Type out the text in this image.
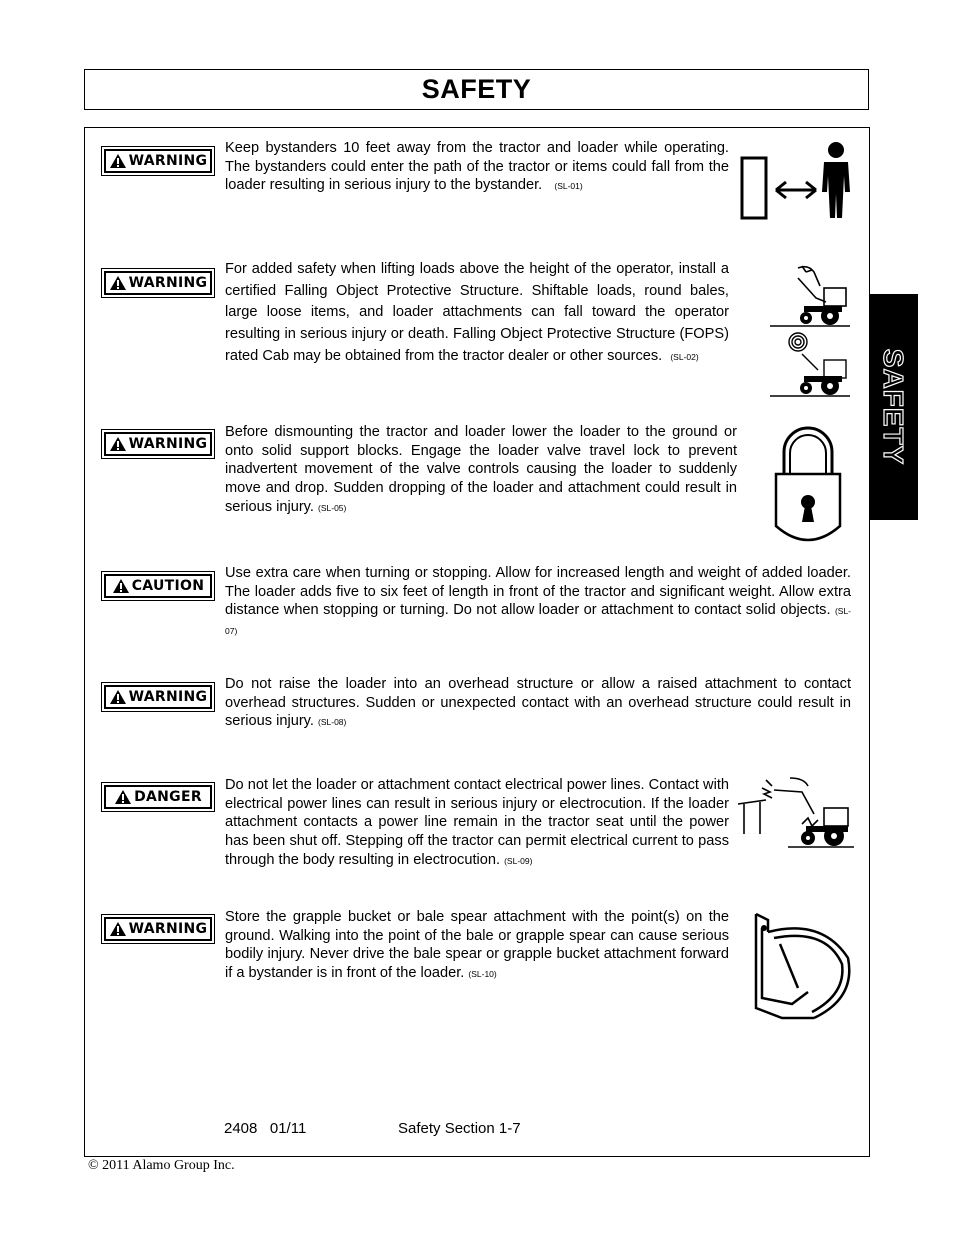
SAFETY
SAFETY
WARNING

Keep bystanders 10 feet away from the tractor and loader while operating. The bystanders could enter the path of the tractor or items could fall from the loader resulting in serious injury to the bystander. (SL-01)

WARNING

For added safety when lifting loads above the height of the operator, install a certified Falling Object Protective Structure. Shiftable loads, round bales, large loose items, and loader attachments can fall toward the operator resulting in serious injury or death. Falling Object Protective Structure (FOPS) rated Cab may be obtained from the tractor dealer or other sources. (SL-02)

WARNING

Before dismounting the tractor and loader lower the loader to the ground or onto solid support blocks. Engage the loader valve travel lock to prevent inadvertent movement of the valve controls causing the loader to suddenly move and drop. Sudden dropping of the loader and attachment could result in serious injury. (SL-05)

CAUTION

Use extra care when turning or stopping. Allow for increased length and weight of added loader. The loader adds five to six feet of length in front of the tractor and significant weight. Allow extra distance when stopping or turning. Do not allow loader or attachment to contact solid objects. (SL-07)

WARNING

Do not raise the loader into an overhead structure or allow a raised attachment to contact overhead structures. Sudden or unexpected contact with an overhead structure could result in serious injury. (SL-08)

DANGER

Do not let the loader or attachment contact electrical power lines. Contact with electrical power lines can result in serious injury or electrocution. If the loader attachment contacts a power line remain in the tractor seat until the power has been shut off. Stepping off the tractor can permit electrical current to pass through the body resulting in electrocution. (SL-09)

WARNING

Store the grapple bucket or bale spear attachment with the point(s) on the ground. Walking into the point of the bale or grapple spear can cause serious bodily injury. Never drive the bale spear or grapple bucket attachment forward if a bystander is in front of the loader. (SL-10)

2408   01/11	Safety Section 1-7
© 2011 Alamo Group Inc.
